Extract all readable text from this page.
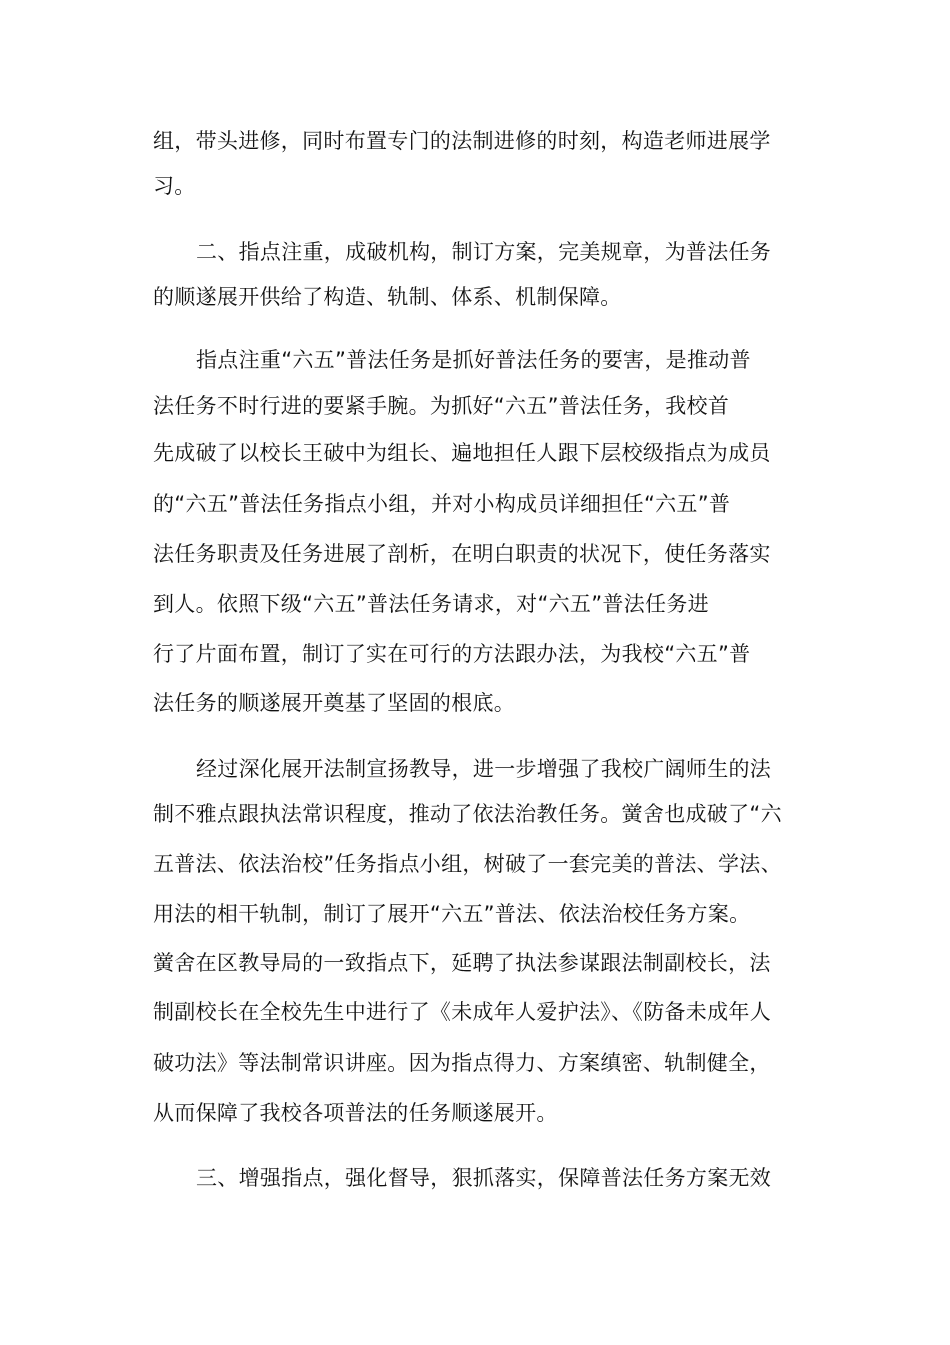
组，带头进修，同时布置专门的法制进修的时刻，构造老师进展学

习。

二、指点注重，成破机构，制订方案，完美规章，为普法任务

的顺遂展开供给了构造、轨制、体系、机制保障。

指点注重“六五”普法任务是抓好普法任务的要害，是推动普

法任务不时行进的要紧手腕。为抓好“六五”普法任务，我校首

先成破了以校长王破中为组长、遍地担任人跟下层校级指点为成员

的“六五”普法任务指点小组，并对小构成员详细担任“六五”普

法任务职责及任务进展了剖析，在明白职责的状况下，使任务落实

到人。依照下级“六五”普法任务请求，对“六五”普法任务进

行了片面布置，制订了实在可行的方法跟办法，为我校“六五”普

法任务的顺遂展开奠基了坚固的根底。

经过深化展开法制宣扬教导，进一步增强了我校广阔师生的法

制不雅点跟执法常识程度，推动了依法治教任务。黉舍也成破了“六

五普法、依法治校”任务指点小组，树破了一套完美的普法、学法、

用法的相干轨制，制订了展开“六五”普法、依法治校任务方案。

黉舍在区教导局的一致指点下，延聘了执法参谋跟法制副校长，法

制副校长在全校先生中进行了《未成年人爱护法》、《防备未成年人

破功法》等法制常识讲座。因为指点得力、方案缜密、轨制健全，

从而保障了我校各项普法的任务顺遂展开。

三、增强指点，强化督导，狠抓落实，保障普法任务方案无效
